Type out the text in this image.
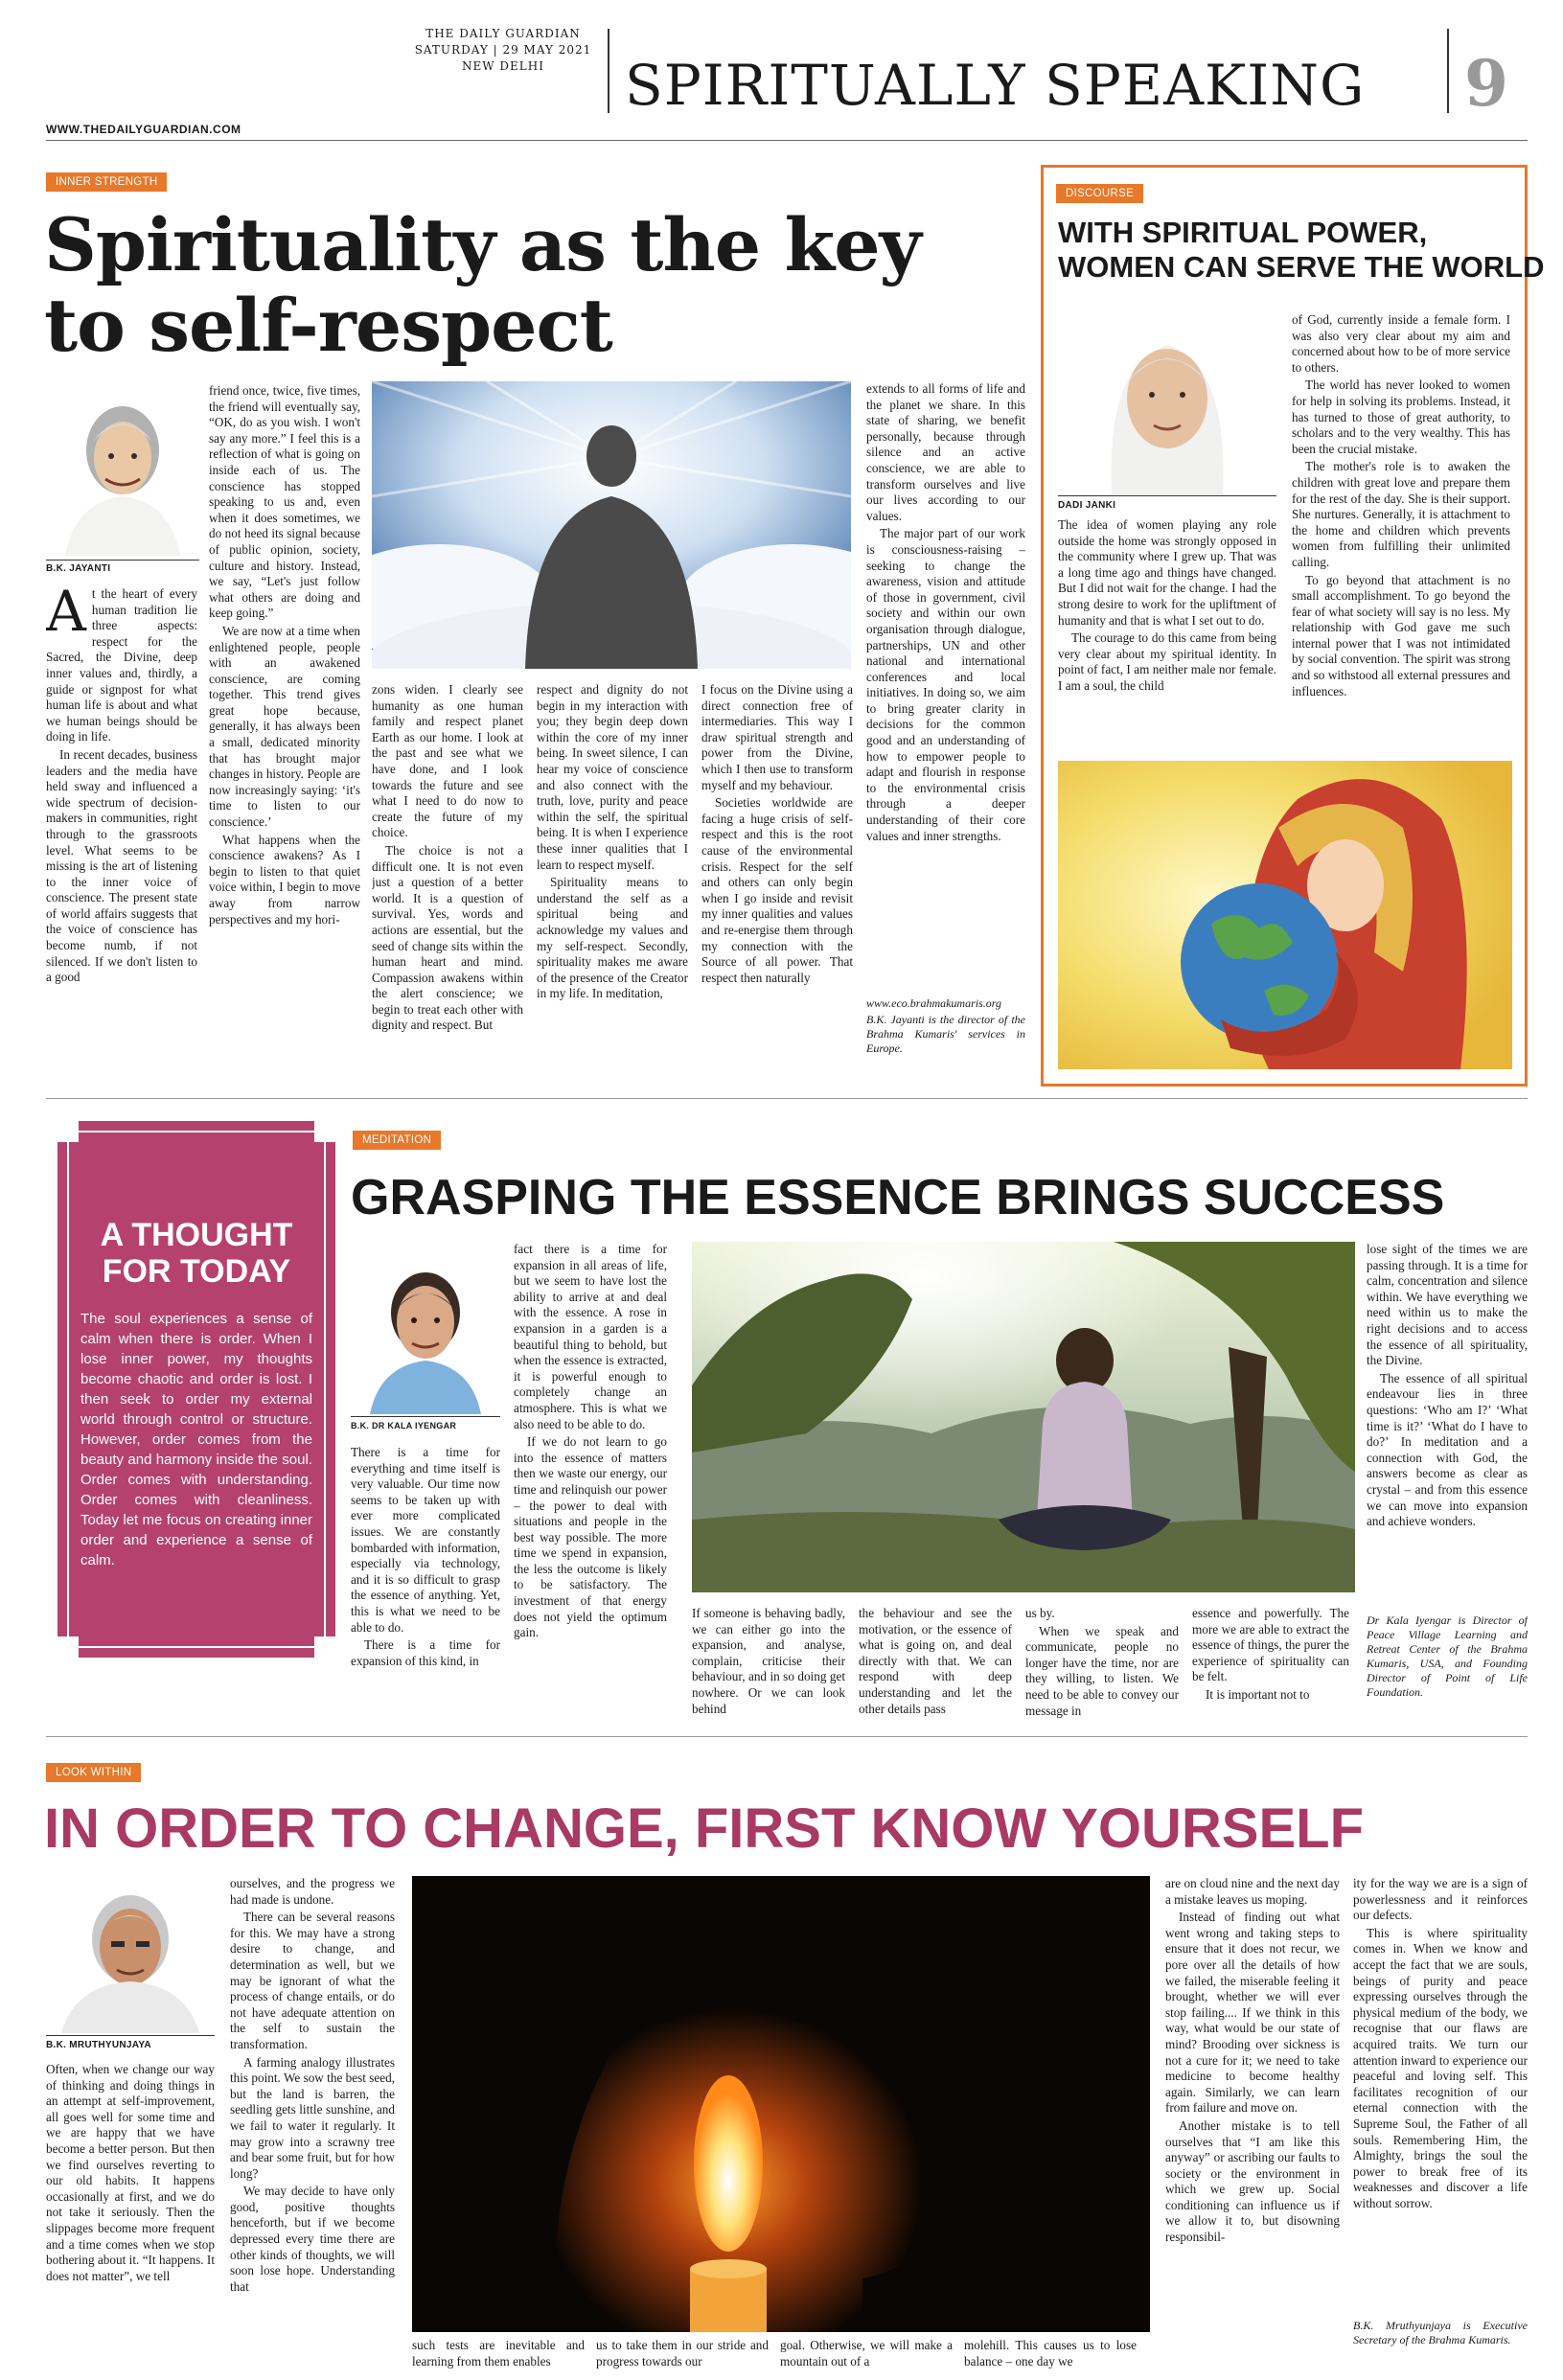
THE DAILY GUARDIAN
SATURDAY | 29 MAY 2021
NEW DELHI	SPIRITUALLY SPEAKING 9
WWW.THEDAILYGUARDIAN.COM
INNER STRENGTH
Spirituality as the key
to self-respect
B.K. JAYANTI

At the heart of every human tradition lie three aspects: respect for the Sacred, the Divine, deep inner values and, thirdly, a guide or signpost for what human life is about and what we human beings should be doing in life.

In recent decades, business leaders and the media have held sway and influenced a wide spectrum of decision-makers in communities, right through to the grassroots level. What seems to be missing is the art of listening to the inner voice of conscience. The present state of world affairs suggests that the voice of conscience has become numb, if not silenced. If we don't listen to a good

friend once, twice, five times, the friend will eventually say, “OK, do as you wish. I won't say any more.” I feel this is a reflection of what is going on inside each of us. The conscience has stopped speaking to us and, even when it does sometimes, we do not heed its signal because of public opinion, society, culture and history. Instead, we say, “Let's just follow what others are doing and keep going.”

We are now at a time when enlightened people, people with an awakened conscience, are coming together. This trend gives great hope because, generally, it has always been a small, dedicated minority that has brought major changes in history. People are now increasingly saying: ‘it's time to listen to our conscience.’

What happens when the conscience awakens? As I begin to listen to that quiet voice within, I begin to move away from narrow perspectives and my hori-

zons widen. I clearly see humanity as one human family and respect planet Earth as our home. I look at the past and see what we have done, and I look towards the future and see what I need to do now to create the future of my choice.

The choice is not a difficult one. It is not even just a question of a better world. It is a question of survival. Yes, words and actions are essential, but the seed of change sits within the human heart and mind. Compassion awakens within the alert conscience; we begin to treat each other with dignity and respect. But

respect and dignity do not begin in my interaction with you; they begin deep down within the core of my inner being. In sweet silence, I can hear my voice of conscience and also connect with the truth, love, purity and peace within the self, the spiritual being. It is when I experience these inner qualities that I learn to respect myself.

Spirituality means to understand the self as a spiritual being and acknowledge my values and my self-respect. Secondly, spirituality makes me aware of the presence of the Creator in my life. In meditation,

I focus on the Divine using a direct connection free of intermediaries. This way I draw spiritual strength and power from the Divine, which I then use to transform myself and my behaviour.

Societies worldwide are facing a huge crisis of self-respect and this is the root cause of the environmental crisis. Respect for the self and others can only begin when I go inside and revisit my inner qualities and values and re-energise them through my connection with the Source of all power. That respect then naturally

extends to all forms of life and the planet we share. In this state of sharing, we benefit personally, because through silence and an active conscience, we are able to transform ourselves and live our lives according to our values.

The major part of our work is consciousness-raising – seeking to change the awareness, vision and attitude of those in government, civil society and within our own organisation through dialogue, partnerships, UN and other national and international conferences and local initiatives. In doing so, we aim to bring greater clarity in decisions for the common good and an understanding of how to empower people to adapt and flourish in response to the environmental crisis through a deeper understanding of their core values and inner strengths.

www.eco.brahmakumaris.org

B.K. Jayanti is the director of the Brahma Kumaris' services in Europe.

DISCOURSE
WITH SPIRITUAL POWER,
WOMEN CAN SERVE THE WORLD
DADI JANKI

The idea of women playing any role outside the home was strongly opposed in the community where I grew up. That was a long time ago and things have changed. But I did not wait for the change. I had the strong desire to work for the upliftment of humanity and that is what I set out to do.

The courage to do this came from being very clear about my spiritual identity. In point of fact, I am neither male nor female. I am a soul, the child

of God, currently inside a female form. I was also very clear about my aim and concerned about how to be of more service to others.

The world has never looked to women for help in solving its problems. Instead, it has turned to those of great authority, to scholars and to the very wealthy. This has been the crucial mistake.

The mother's role is to awaken the children with great love and prepare them for the rest of the day. She is their support. She nurtures. Generally, it is attachment to the home and children which prevents women from fulfilling their unlimited calling.

To go beyond that attachment is no small accomplishment. To go beyond the fear of what society will say is no less. My relationship with God gave me such internal power that I was not intimidated by social convention. The spirit was strong and so withstood all external pressures and influences.

A THOUGHT
FOR TODAY
The soul experiences a sense of calm when there is order. When I lose inner power, my thoughts become chaotic and order is lost. I then seek to order my external world through control or structure. However, order comes from the beauty and harmony inside the soul. Order comes with understanding. Order comes with cleanliness. Today let me focus on creating inner order and experience a sense of calm.
MEDITATION
GRASPING THE ESSENCE BRINGS SUCCESS
B.K. DR KALA IYENGAR

There is a time for everything and time itself is very valuable. Our time now seems to be taken up with ever more complicated issues. We are constantly bombarded with information, especially via technology, and it is so difficult to grasp the essence of anything. Yet, this is what we need to be able to do.

There is a time for expansion of this kind, in

fact there is a time for expansion in all areas of life, but we seem to have lost the ability to arrive at and deal with the essence. A rose in expansion in a garden is a beautiful thing to behold, but when the essence is extracted, it is powerful enough to completely change an atmosphere. This is what we also need to be able to do.

If we do not learn to go into the essence of matters then we waste our energy, our time and relinquish our power – the power to deal with situations and people in the best way possible. The more time we spend in expansion, the less the outcome is likely to be satisfactory. The investment of that energy does not yield the optimum gain.

If someone is behaving badly, we can either go into the expansion, and analyse, complain, criticise their behaviour, and in so doing get nowhere. Or we can look behind

the behaviour and see the motivation, or the essence of what is going on, and deal directly with that. We can respond with deep understanding and let the other details pass

us by.

When we speak and communicate, people no longer have the time, nor are they willing, to listen. We need to be able to convey our message in

essence and powerfully. The more we are able to extract the essence of things, the purer the experience of spirituality can be felt.

It is important not to

lose sight of the times we are passing through. It is a time for calm, concentration and silence within. We have everything we need within us to make the right decisions and to access the essence of all spirituality, the Divine.

The essence of all spiritual endeavour lies in three questions: ‘Who am I?’ ‘What time is it?’ ‘What do I have to do?’ In meditation and a connection with God, the answers become as clear as crystal – and from this essence we can move into expansion and achieve wonders.

Dr Kala Iyengar is Director of Peace Village Learning and Retreat Center of the Brahma Kumaris, USA, and Founding Director of Point of Life Foundation.

LOOK WITHIN
IN ORDER TO CHANGE, FIRST KNOW YOURSELF
B.K. MRUTHYUNJAYA

Often, when we change our way of thinking and doing things in an attempt at self-improvement, all goes well for some time and we are happy that we have become a better person. But then we find ourselves reverting to our old habits. It happens occasionally at first, and we do not take it seriously. Then the slippages become more frequent and a time comes when we stop bothering about it. “It happens. It does not matter”, we tell

ourselves, and the progress we had made is undone.

There can be several reasons for this. We may have a strong desire to change, and determination as well, but we may be ignorant of what the process of change entails, or do not have adequate attention on the self to sustain the transformation.

A farming analogy illustrates this point. We sow the best seed, but the land is barren, the seedling gets little sunshine, and we fail to water it regularly. It may grow into a scrawny tree and bear some fruit, but for how long?

We may decide to have only good, positive thoughts henceforth, but if we become depressed every time there are other kinds of thoughts, we will soon lose hope. Understanding that

such tests are inevitable and learning from them enables

us to take them in our stride and progress towards our

goal. Otherwise, we will make a mountain out of a

molehill. This causes us to lose balance – one day we

are on cloud nine and the next day a mistake leaves us moping.

Instead of finding out what went wrong and taking steps to ensure that it does not recur, we pore over all the details of how we failed, the miserable feeling it brought, whether we will ever stop failing.... If we think in this way, what would be our state of mind? Brooding over sickness is not a cure for it; we need to take medicine to become healthy again. Similarly, we can learn from failure and move on.

Another mistake is to tell ourselves that “I am like this anyway” or ascribing our faults to society or the environment in which we grew up. Social conditioning can influence us if we allow it to, but disowning responsibil-

ity for the way we are is a sign of powerlessness and it reinforces our defects.

This is where spirituality comes in. When we know and accept the fact that we are souls, beings of purity and peace expressing ourselves through the physical medium of the body, we recognise that our flaws are acquired traits. We turn our attention inward to experience our peaceful and loving self. This facilitates recognition of our eternal connection with the Supreme Soul, the Father of all souls. Remembering Him, the Almighty, brings the soul the power to break free of its weaknesses and discover a life without sorrow.

B.K. Mruthyunjaya is Executive Secretary of the Brahma Kumaris.
